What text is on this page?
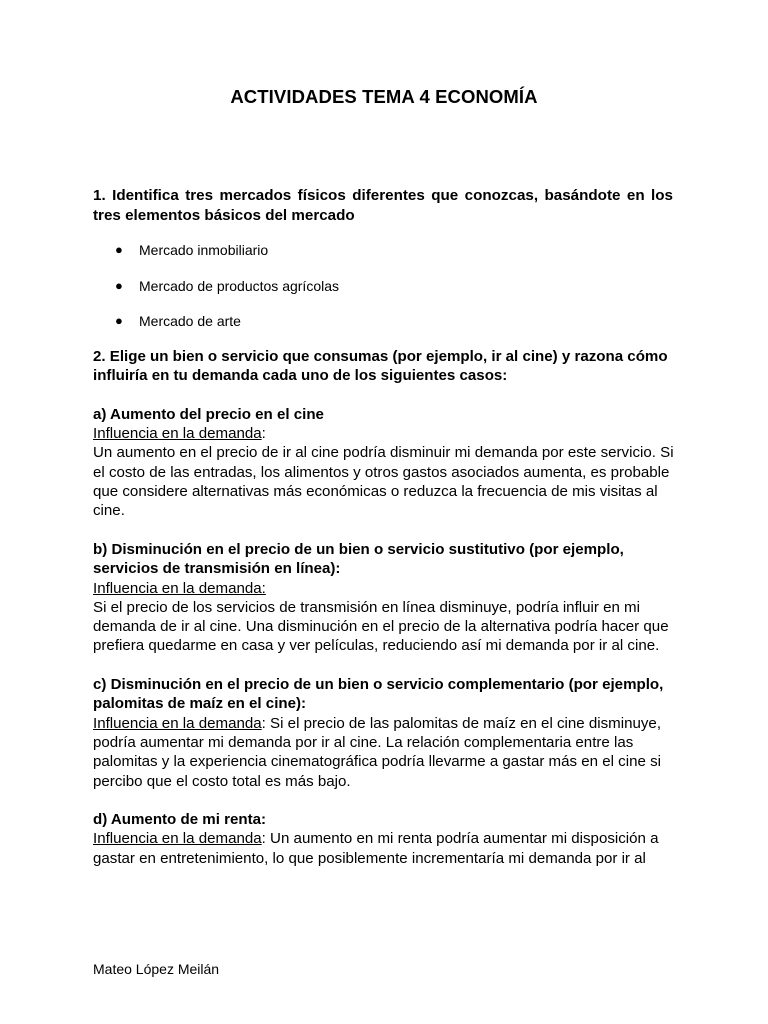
ACTIVIDADES TEMA 4 ECONOMÍA
1. Identifica tres mercados físicos diferentes que conozcas, basándote en los tres elementos básicos del mercado
● Mercado inmobiliario
● Mercado de productos agrícolas
● Mercado de arte

2. Elige un bien o servicio que consumas (por ejemplo, ir al cine) y razona cómo influiría en tu demanda cada uno de los siguientes casos:

a) Aumento del precio en el cine
Influencia en la demanda:
Un aumento en el precio de ir al cine podría disminuir mi demanda por este servicio. Si el costo de las entradas, los alimentos y otros gastos asociados aumenta, es probable que considere alternativas más económicas o reduzca la frecuencia de mis visitas al cine.

b) Disminución en el precio de un bien o servicio sustitutivo (por ejemplo, servicios de transmisión en línea):
Influencia en la demanda:
Si el precio de los servicios de transmisión en línea disminuye, podría influir en mi demanda de ir al cine. Una disminución en el precio de la alternativa podría hacer que prefiera quedarme en casa y ver películas, reduciendo así mi demanda por ir al cine.

c) Disminución en el precio de un bien o servicio complementario (por ejemplo, palomitas de maíz en el cine):
Influencia en la demanda: Si el precio de las palomitas de maíz en el cine disminuye, podría aumentar mi demanda por ir al cine. La relación complementaria entre las palomitas y la experiencia cinematográfica podría llevarme a gastar más en el cine si percibo que el costo total es más bajo.

d) Aumento de mi renta:
Influencia en la demanda: Un aumento en mi renta podría aumentar mi disposición a gastar en entretenimiento, lo que posiblemente incrementaría mi demanda por ir al

Mateo López Meilán
